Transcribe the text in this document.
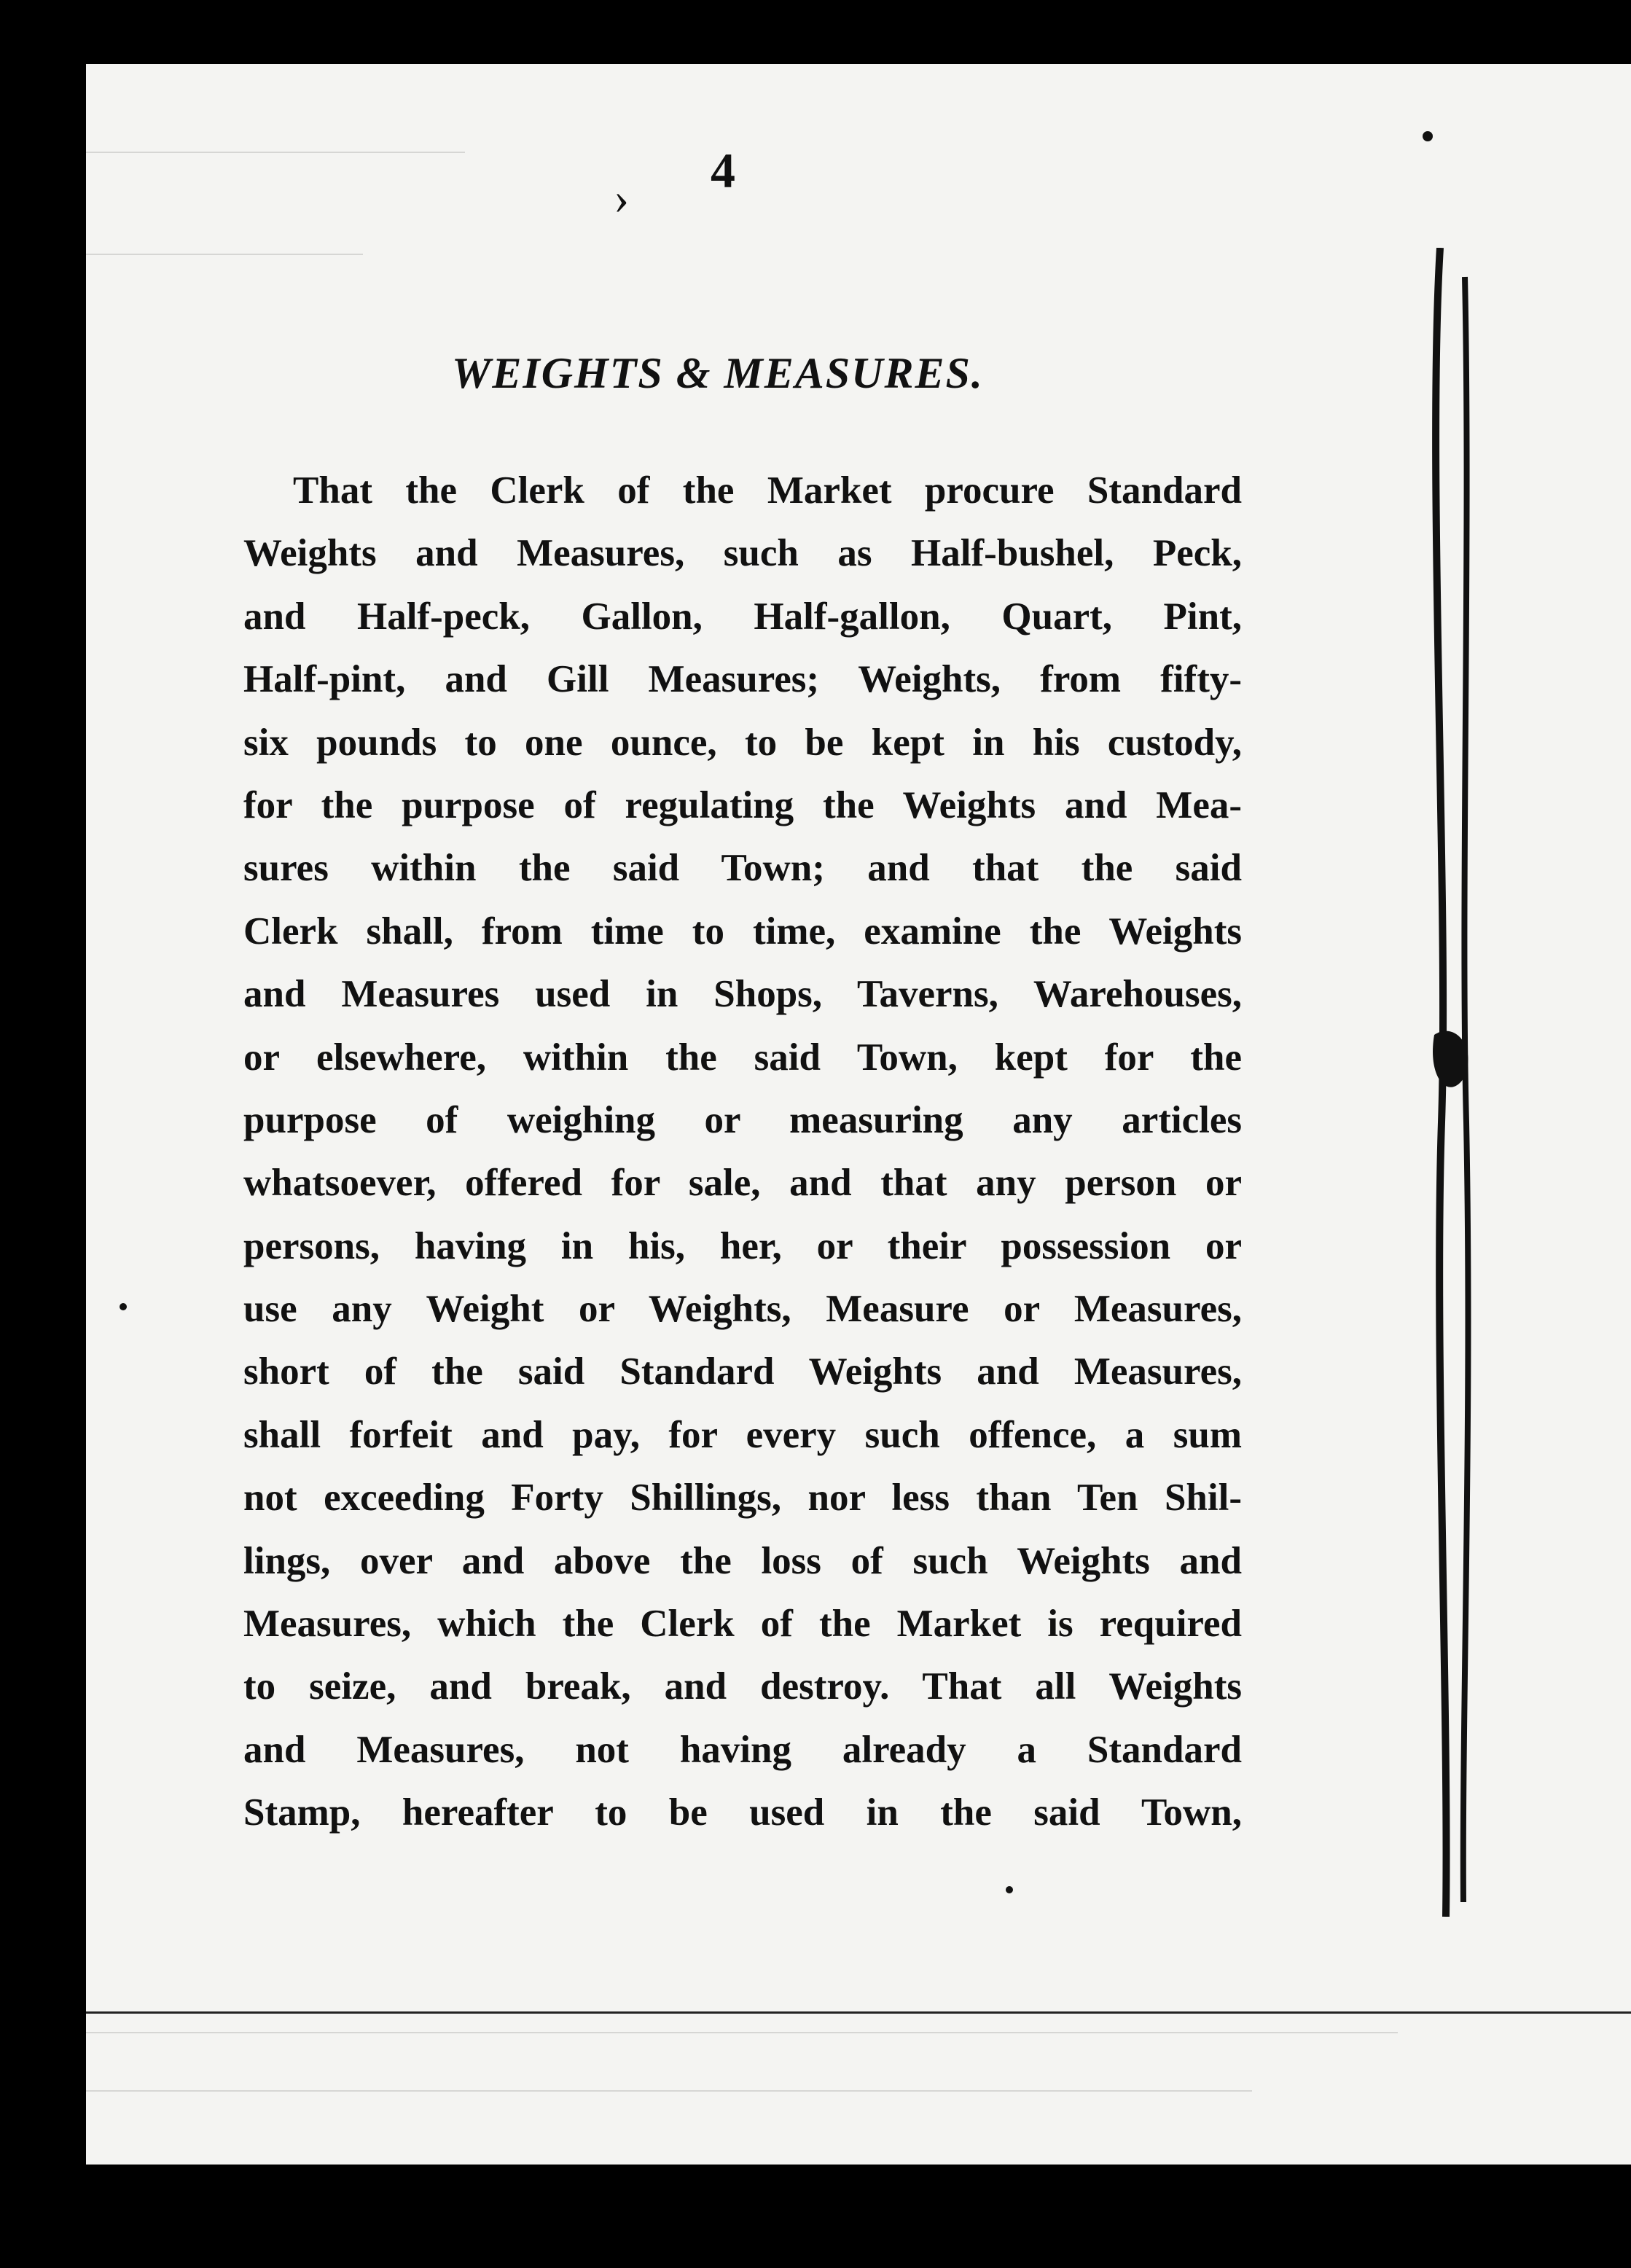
› 4
WEIGHTS & MEASURES.
That the Clerk of the Market procure Standard
Weights and Measures, such as Half-bushel, Peck,
and Half-peck, Gallon, Half-gallon, Quart, Pint,
Half-pint, and Gill Measures; Weights, from fifty-
six pounds to one ounce, to be kept in his custody,
for the purpose of regulating the Weights and Mea-
sures within the said Town; and that the said
Clerk shall, from time to time, examine the Weights
and Measures used in Shops, Taverns, Warehouses,
or elsewhere, within the said Town, kept for the
purpose of weighing or measuring any articles
whatsoever, offered for sale, and that any person or
persons, having in his, her, or their possession or
use any Weight or Weights, Measure or Measures,
short of the said Standard Weights and Measures,
shall forfeit and pay, for every such offence, a sum
not exceeding Forty Shillings, nor less than Ten Shil-
lings, over and above the loss of such Weights and
Measures, which the Clerk of the Market is required
to seize, and break, and destroy. That all Weights
and Measures, not having already a Standard
Stamp, hereafter to be used in the said Town,
